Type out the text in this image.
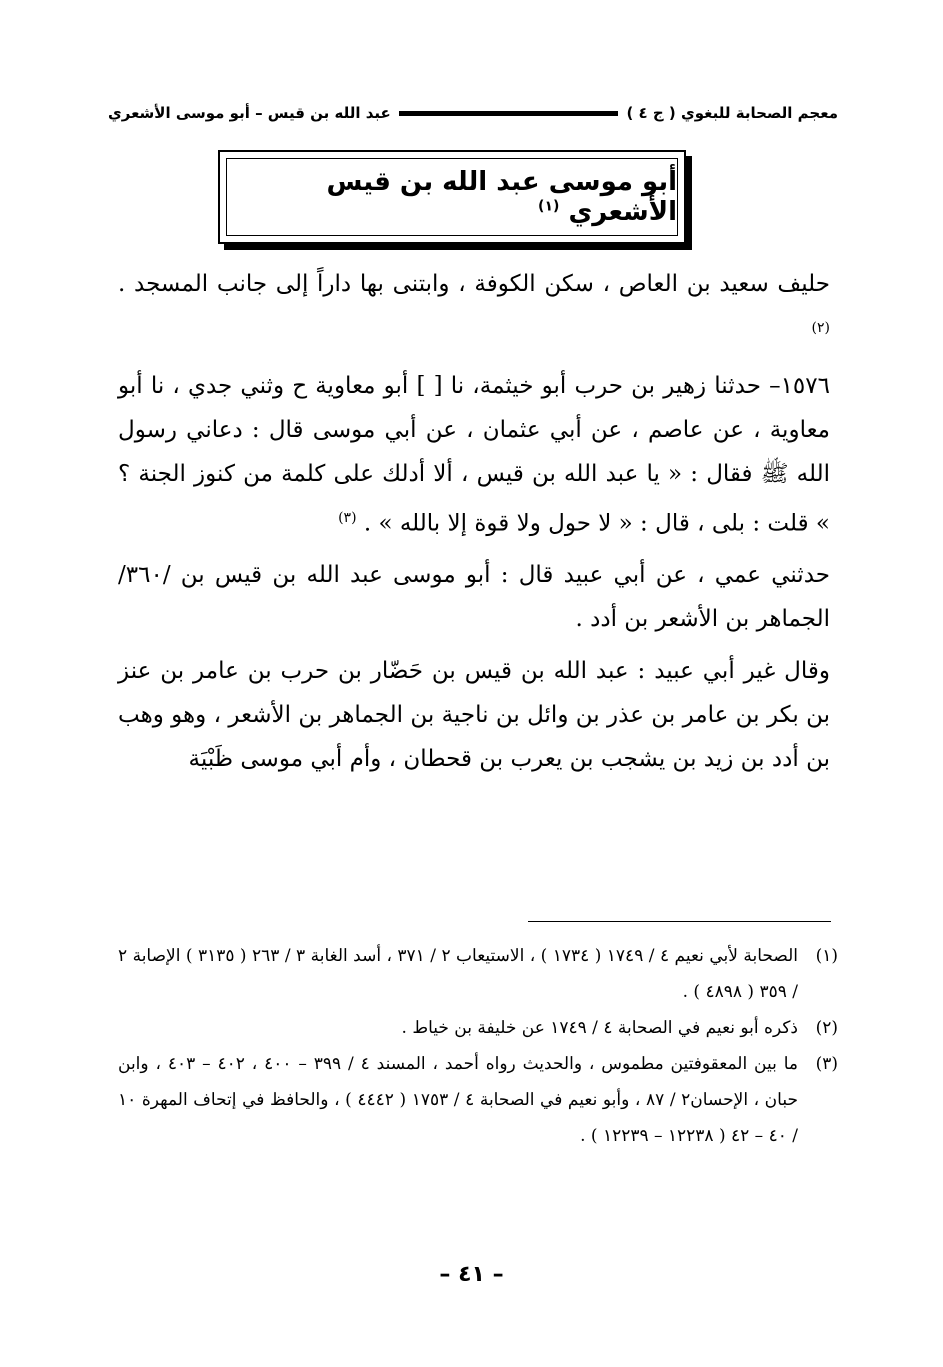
معجم الصحابة للبغوي ( ج ٤ )
عبد الله بن قيس – أبو موسى الأشعري
أبو موسى عبد الله بن قيس الأشعري $^{(١)}$

حليف سعيد بن العاص ، سكن الكوفة ، وابتنى بها داراً إلى جانب المسجد . $^{(٢)}$

١٥٧٦– حدثنا زهير بن حرب أبو خيثمة، نا [ ] أبو معاوية ح وثني جدي ، نا أبو معاوية ، عن عاصم ، عن أبي عثمان ، عن أبي موسى قال : دعاني رسول الله ﷺ فقال : « يا عبد الله بن قيس ، ألا أدلك على كلمة من كنوز الجنة ؟ » قلت : بلى ، قال : « لا حول ولا قوة إلا بالله » . $^{(٣)}$

حدثني عمي ، عن أبي عبيد قال : أبو موسى عبد الله بن قيس بن /٣٦٠/ الجماهر بن الأشعر بن أدد .

وقال غير أبي عبيد : عبد الله بن قيس بن حَضّار بن حرب بن عامر بن عنز بن بكر بن عامر بن عذر بن وائل بن ناجية بن الجماهر بن الأشعر ، وهو وهب بن أدد بن زيد بن يشجب بن يعرب بن قحطان ، وأم أبي موسى ظَبْيَة

(١)
الصحابة لأبي نعيم ٤ / ١٧٤٩ ( ١٧٣٤ ) ، الاستيعاب ٢ / ٣٧١ ، أسد الغابة ٣ / ٢٦٣ ( ٣١٣٥ ) الإصابة ٢ / ٣٥٩ ( ٤٨٩٨ ) .
(٢)
ذكره أبو نعيم في الصحابة ٤ / ١٧٤٩ عن خليفة بن خياط .
(٣)
ما بين المعقوفتين مطموس ، والحديث رواه أحمد ، المسند ٤ / ٣٩٩ – ٤٠٠ ، ٤٠٢ – ٤٠٣ ، وابن حبان ، الإحسان٢ / ٨٧ ، وأبو نعيم في الصحابة ٤ / ١٧٥٣ ( ٤٤٤٢ ) ، والحافظ في إتحاف المهرة ١٠ / ٤٠ – ٤٢ ( ١٢٢٣٨ – ١٢٢٣٩ ) .
– ٤١ –
